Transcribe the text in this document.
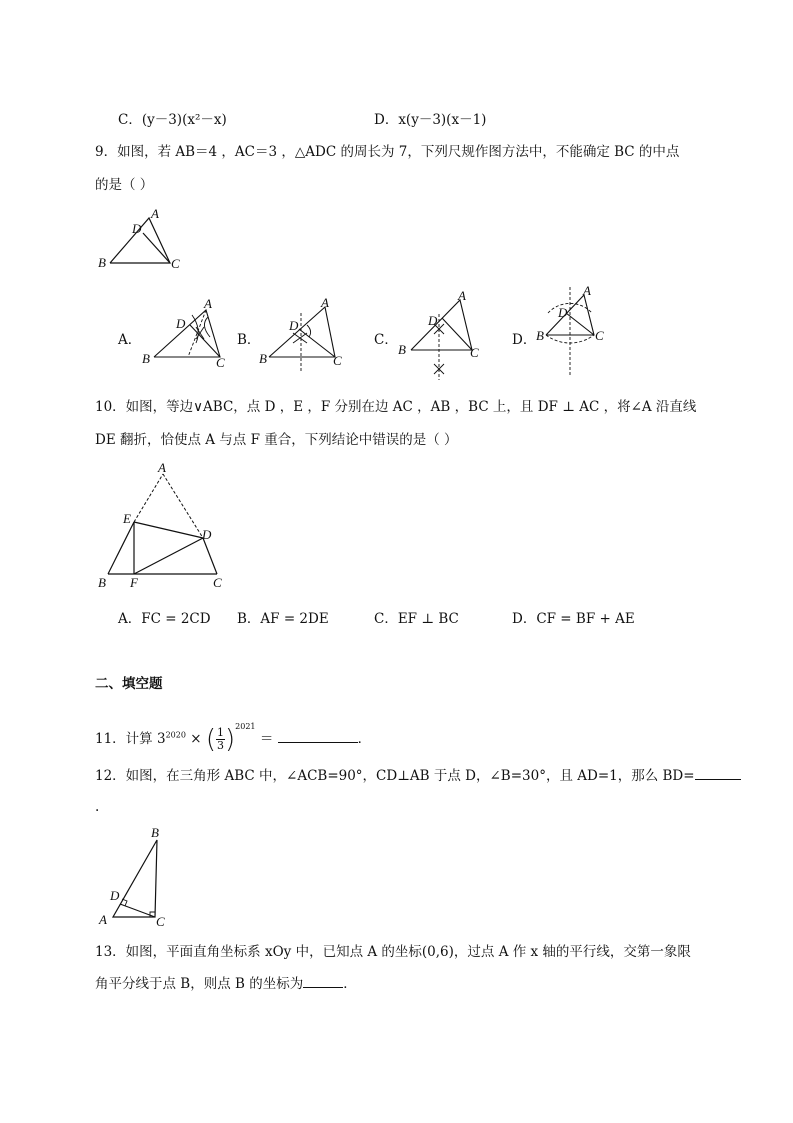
C．(y－3)(x²－x)	D．x(y－3)(x－1)
9．如图，若 AB＝4 ，AC＝3 ，△ADC 的周长为 7，下列尺规作图方法中，不能确定 BC 的中点
的是（ ）
A
D
B	C
A．
A
D
B	C
B．
A
D
B	C
C．
A
D
B	C
D．
A
D
B	C
10．如图，等边∨ABC，点 D ，E ，F 分别在边 AC ，AB ，BC 上，且 DF ⊥ AC ，将∠A 沿直线
DE 翻折，恰使点 A 与点 F 重合，下列结论中错误的是（ ）
A
E
D
B F	C
A．FC = 2CD B．AF = 2DE	C．EF ⊥ BC	D．CF = BF + AE
二、填空题
11．计算 $3^{2020}$ × ( $\frac{1}{3} )^{2021}$ ＝	．
12．如图，在三角形 ABC 中，∠ACB=90°，CD⊥AB 于点 D，∠B=30°，且 AD=1，那么 BD=
.
B
D
A	C
13．如图，平面直角坐标系 xOy 中，已知点 A 的坐标(0,6)，过点 A 作 x 轴的平行线，交第一象限
角平分线于点 B，则点 B 的坐标为	．
